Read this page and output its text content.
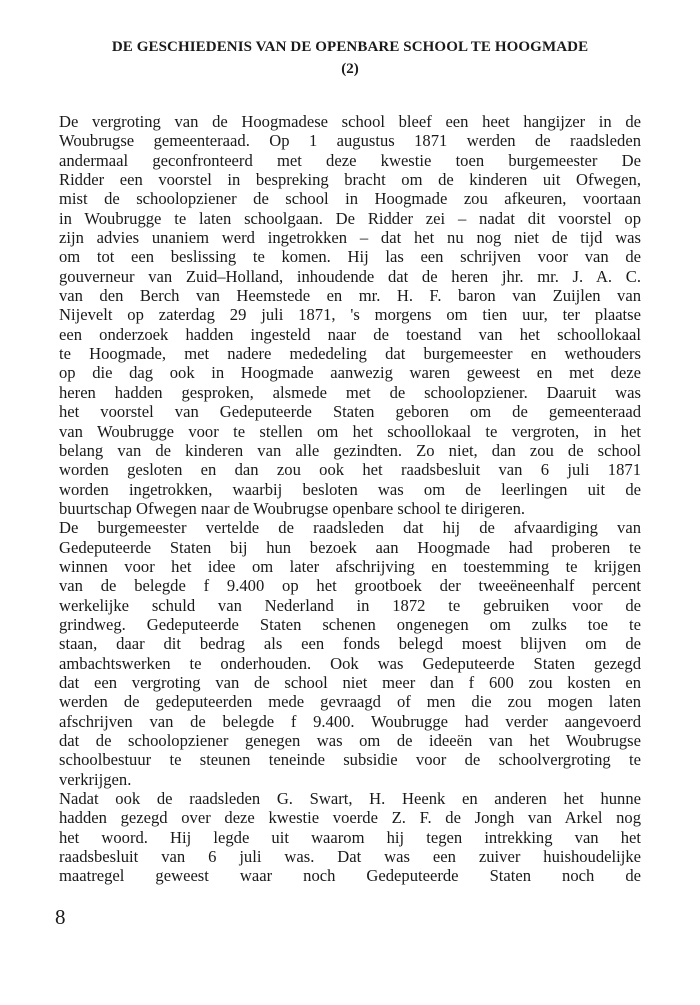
DE GESCHIEDENIS VAN DE OPENBARE SCHOOL TE HOOGMADE
(2)
De vergroting van de Hoogmadese school bleef een heet hangijzer in de
Woubrugse gemeenteraad. Op 1 augustus 1871 werden de raadsleden
andermaal geconfronteerd met deze kwestie toen burgemeester De
Ridder een voorstel in bespreking bracht om de kinderen uit Ofwegen,
mist de schoolopziener de school in Hoogmade zou afkeuren, voortaan
in Woubrugge te laten schoolgaan. De Ridder zei – nadat dit voorstel op
zijn advies unaniem werd ingetrokken – dat het nu nog niet de tijd was
om tot een beslissing te komen. Hij las een schrijven voor van de
gouverneur van Zuid–Holland, inhoudende dat de heren jhr. mr. J. A. C.
van den Berch van Heemstede en mr. H. F. baron van Zuijlen van
Nijevelt op zaterdag 29 juli 1871, 's morgens om tien uur, ter plaatse
een onderzoek hadden ingesteld naar de toestand van het schoollokaal
te Hoogmade, met nadere mededeling dat burgemeester en wethouders
op die dag ook in Hoogmade aanwezig waren geweest en met deze
heren hadden gesproken, alsmede met de schoolopziener. Daaruit was
het voorstel van Gedeputeerde Staten geboren om de gemeenteraad
van Woubrugge voor te stellen om het schoollokaal te vergroten, in het
belang van de kinderen van alle gezindten. Zo niet, dan zou de school
worden gesloten en dan zou ook het raadsbesluit van 6 juli 1871
worden ingetrokken, waarbij besloten was om de leerlingen uit de
buurtschap Ofwegen naar de Woubrugse openbare school te dirigeren.
De burgemeester vertelde de raadsleden dat hij de afvaardiging van
Gedeputeerde Staten bij hun bezoek aan Hoogmade had proberen te
winnen voor het idee om later afschrijving en toestemming te krijgen
van de belegde f 9.400 op het grootboek der tweeëneenhalf percent
werkelijke schuld van Nederland in 1872 te gebruiken voor de
grindweg. Gedeputeerde Staten schenen ongenegen om zulks toe te
staan, daar dit bedrag als een fonds belegd moest blijven om de
ambachtswerken te onderhouden. Ook was Gedeputeerde Staten gezegd
dat een vergroting van de school niet meer dan f 600 zou kosten en
werden de gedeputeerden mede gevraagd of men die zou mogen laten
afschrijven van de belegde f 9.400. Woubrugge had verder aangevoerd
dat de schoolopziener genegen was om de ideeën van het Woubrugse
schoolbestuur te steunen teneinde subsidie voor de schoolvergroting te
verkrijgen.
Nadat ook de raadsleden G. Swart, H. Heenk en anderen het hunne
hadden gezegd over deze kwestie voerde Z. F. de Jongh van Arkel nog
het woord. Hij legde uit waarom hij tegen intrekking van het
raadsbesluit van 6 juli was. Dat was een zuiver huishoudelijke
maatregel geweest waar noch Gedeputeerde Staten noch de
8
